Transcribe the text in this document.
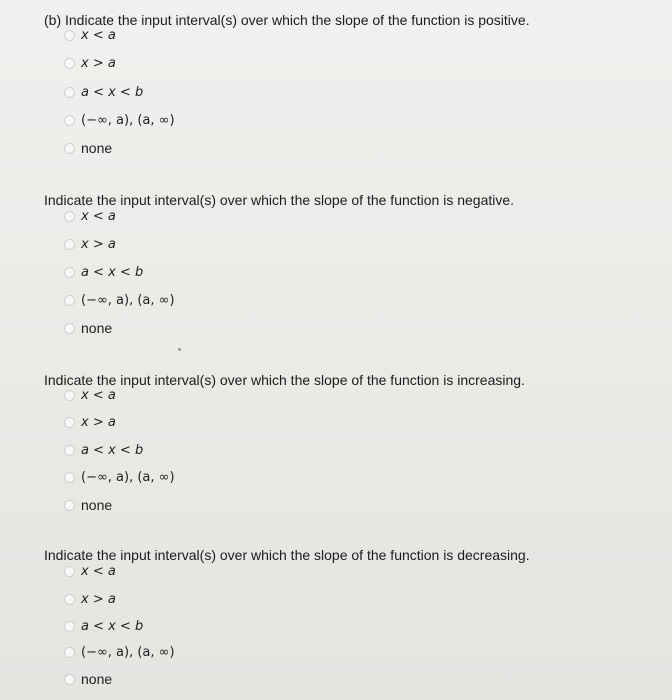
(b) Indicate the input interval(s) over which the slope of the function is positive.

x < a
x > a
a < x < b
(−∞, a), (a, ∞)
none

Indicate the input interval(s) over which the slope of the function is negative.

x < a
x > a
a < x < b
(−∞, a), (a, ∞)
none

Indicate the input interval(s) over which the slope of the function is increasing.

x < a
x > a
a < x < b
(−∞, a), (a, ∞)
none

Indicate the input interval(s) over which the slope of the function is decreasing.

x < a
x > a
a < x < b
(−∞, a), (a, ∞)
none
